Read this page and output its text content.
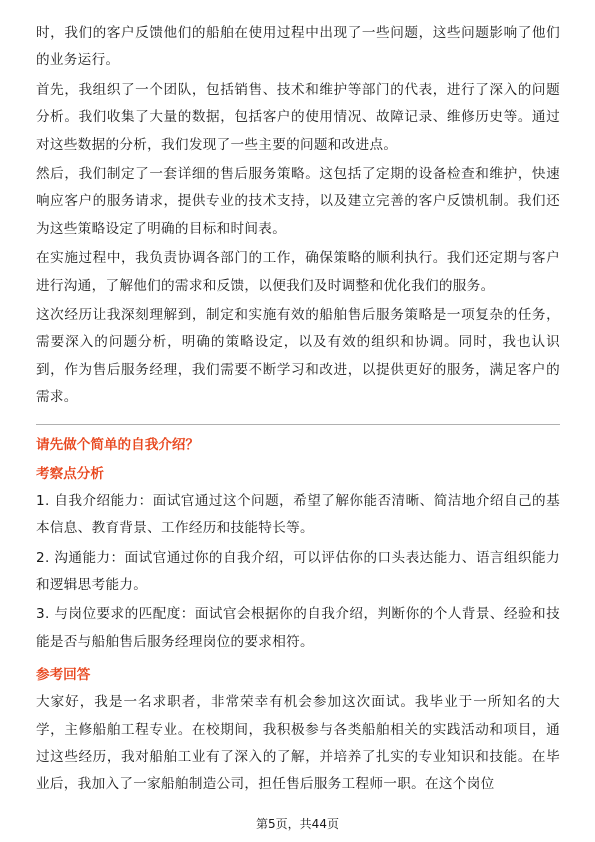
时，我们的客户反馈他们的船舶在使用过程中出现了一些问题，这些问题影响了他们的业务运行。

首先，我组织了一个团队，包括销售、技术和维护等部门的代表，进行了深入的问题分析。我们收集了大量的数据，包括客户的使用情况、故障记录、维修历史等。通过对这些数据的分析，我们发现了一些主要的问题和改进点。

然后，我们制定了一套详细的售后服务策略。这包括了定期的设备检查和维护，快速响应客户的服务请求，提供专业的技术支持，以及建立完善的客户反馈机制。我们还为这些策略设定了明确的目标和时间表。

在实施过程中，我负责协调各部门的工作，确保策略的顺利执行。我们还定期与客户进行沟通，了解他们的需求和反馈，以便我们及时调整和优化我们的服务。

这次经历让我深刻理解到，制定和实施有效的船舶售后服务策略是一项复杂的任务，需要深入的问题分析，明确的策略设定，以及有效的组织和协调。同时，我也认识到，作为售后服务经理，我们需要不断学习和改进，以提供更好的服务，满足客户的需求。

请先做个简单的自我介绍？

考察点分析

1. 自我介绍能力：面试官通过这个问题，希望了解你能否清晰、简洁地介绍自己的基本信息、教育背景、工作经历和技能特长等。

2. 沟通能力：面试官通过你的自我介绍，可以评估你的口头表达能力、语言组织能力和逻辑思考能力。

3. 与岗位要求的匹配度：面试官会根据你的自我介绍，判断你的个人背景、经验和技能是否与船舶售后服务经理岗位的要求相符。

参考回答

大家好，我是一名求职者，非常荣幸有机会参加这次面试。我毕业于一所知名的大学，主修船舶工程专业。在校期间，我积极参与各类船舶相关的实践活动和项目，通过这些经历，我对船舶工业有了深入的了解，并培养了扎实的专业知识和技能。在毕业后，我加入了一家船舶制造公司，担任售后服务工程师一职。在这个岗位

第5页，共44页
